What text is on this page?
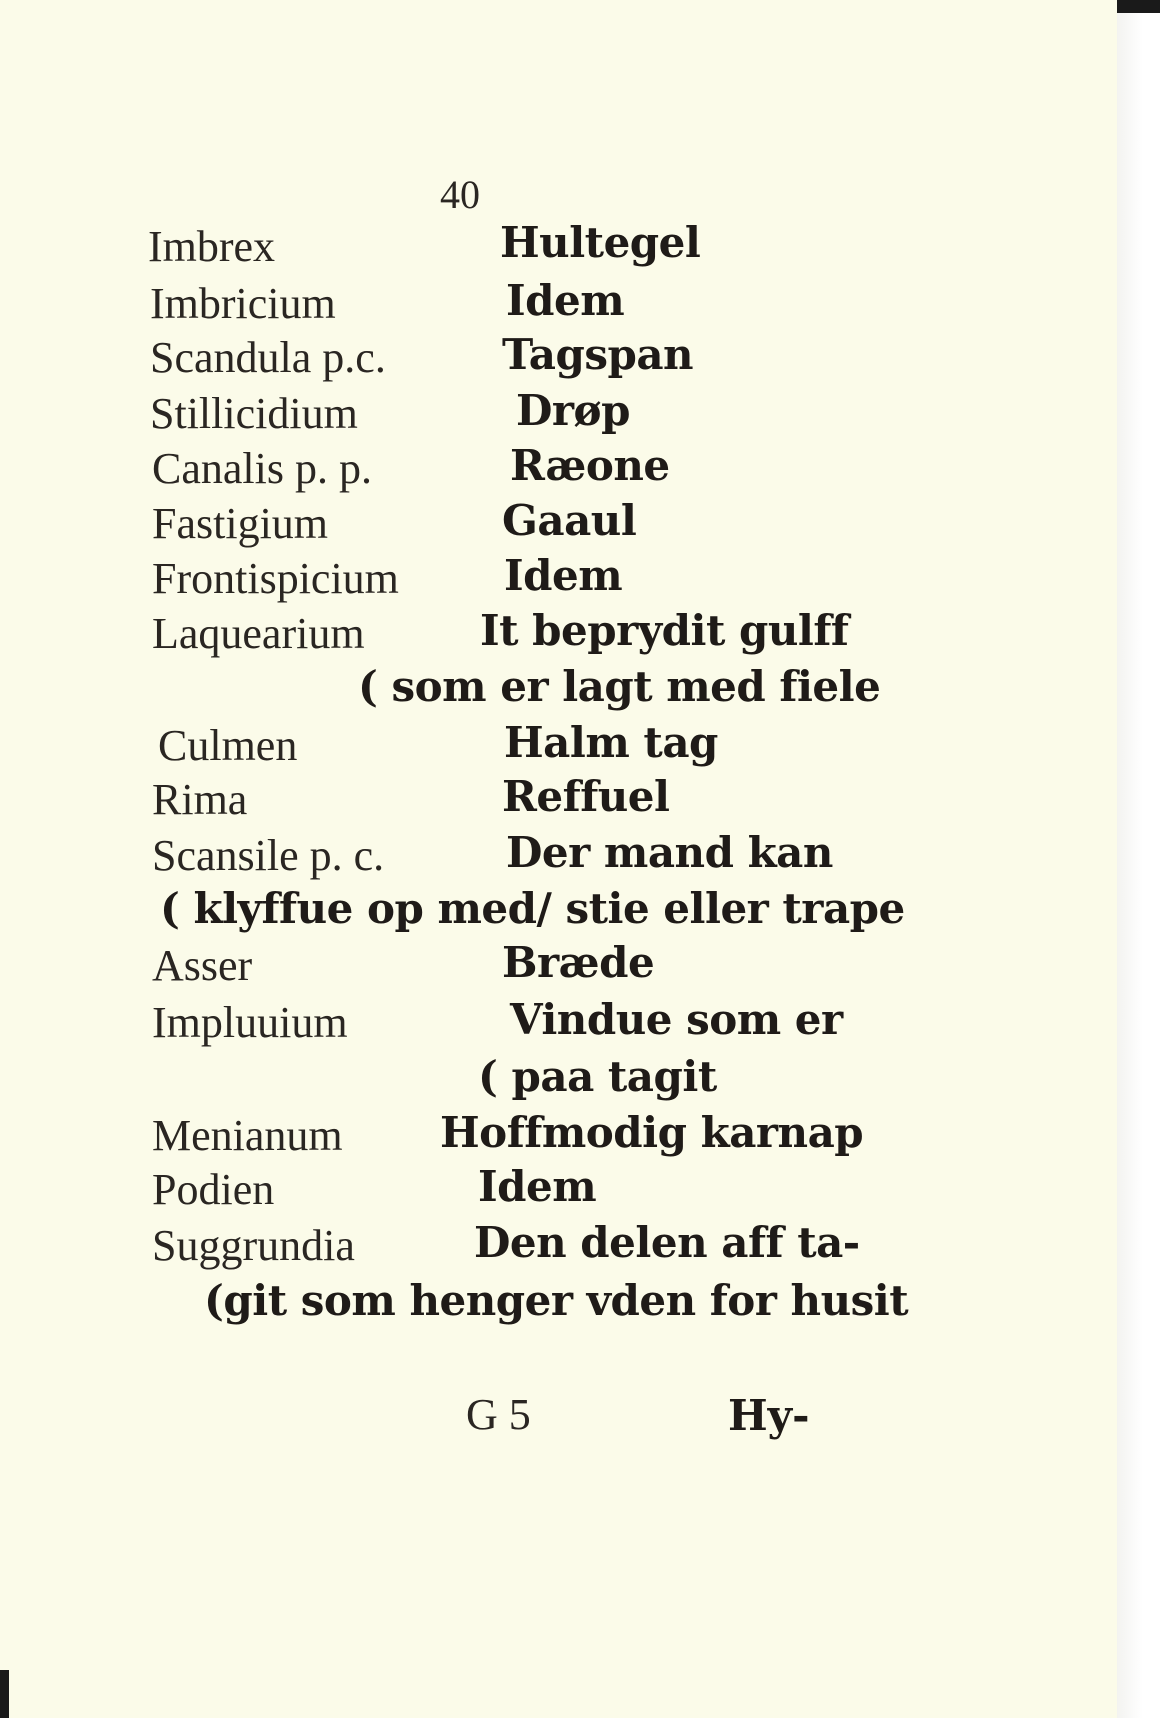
40
Imbrex	Hultegel
Imbricium	Idem
Scandula p.c.	Tagspan
Stillicidium	Drøp
Canalis p. p.	Ræone
Fastigium	Gaaul
Frontispicium	Idem
Laquearium	It beprydit gulff
( som er lagt med fiele
Culmen	Halm tag
Rima	Reffuel
Scansile p. c.	Der mand kan
( klyffue op med/ stie eller trape
Asser	Bræde
Impluuium	Vindue som er
( paa tagit
Menianum Hoffmodig karnap
Podien	Idem
Suggrundia	Den delen aff ta-
(git som henger vden for husit
G 5	Hy-
